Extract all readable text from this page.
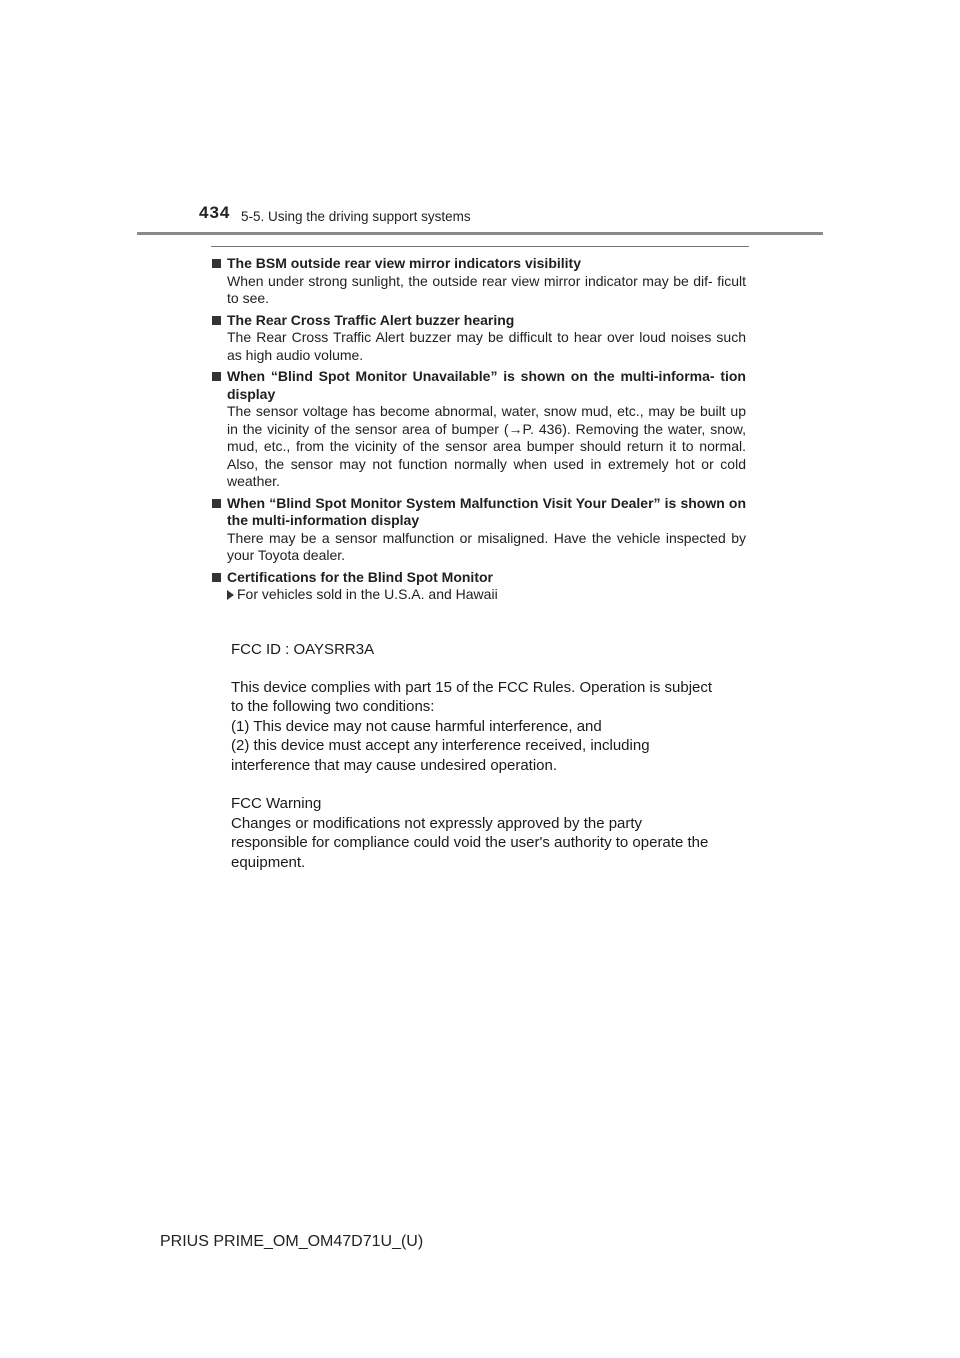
434 5-5. Using the driving support systems
The BSM outside rear view mirror indicators visibility
When under strong sunlight, the outside rear view mirror indicator may be dif- ficult to see.
The Rear Cross Traffic Alert buzzer hearing
The Rear Cross Traffic Alert buzzer may be difficult to hear over loud noises such as high audio volume.
When “Blind Spot Monitor Unavailable” is shown on the multi-informa- tion display
The sensor voltage has become abnormal, water, snow mud, etc., may be built up in the vicinity of the sensor area of bumper (→P. 436). Removing the water, snow, mud, etc., from the vicinity of the sensor area bumper should return it to normal. Also, the sensor may not function normally when used in extremely hot or cold weather.
When “Blind Spot Monitor System Malfunction Visit Your Dealer” is shown on the multi-information display
There may be a sensor malfunction or misaligned. Have the vehicle inspected by your Toyota dealer.
Certifications for the Blind Spot Monitor
For vehicles sold in the U.S.A. and Hawaii

FCC ID : OAYSRR3A

This device complies with part 15 of the FCC Rules. Operation is subject

to the following two conditions:

(1) This device may not cause harmful interference, and

(2) this device must accept any interference received, including

interference that may cause undesired operation.

FCC Warning

Changes or modifications not expressly approved by the party

responsible for compliance could void the user's authority to operate the

equipment.

PRIUS PRIME_OM_OM47D71U_(U)
